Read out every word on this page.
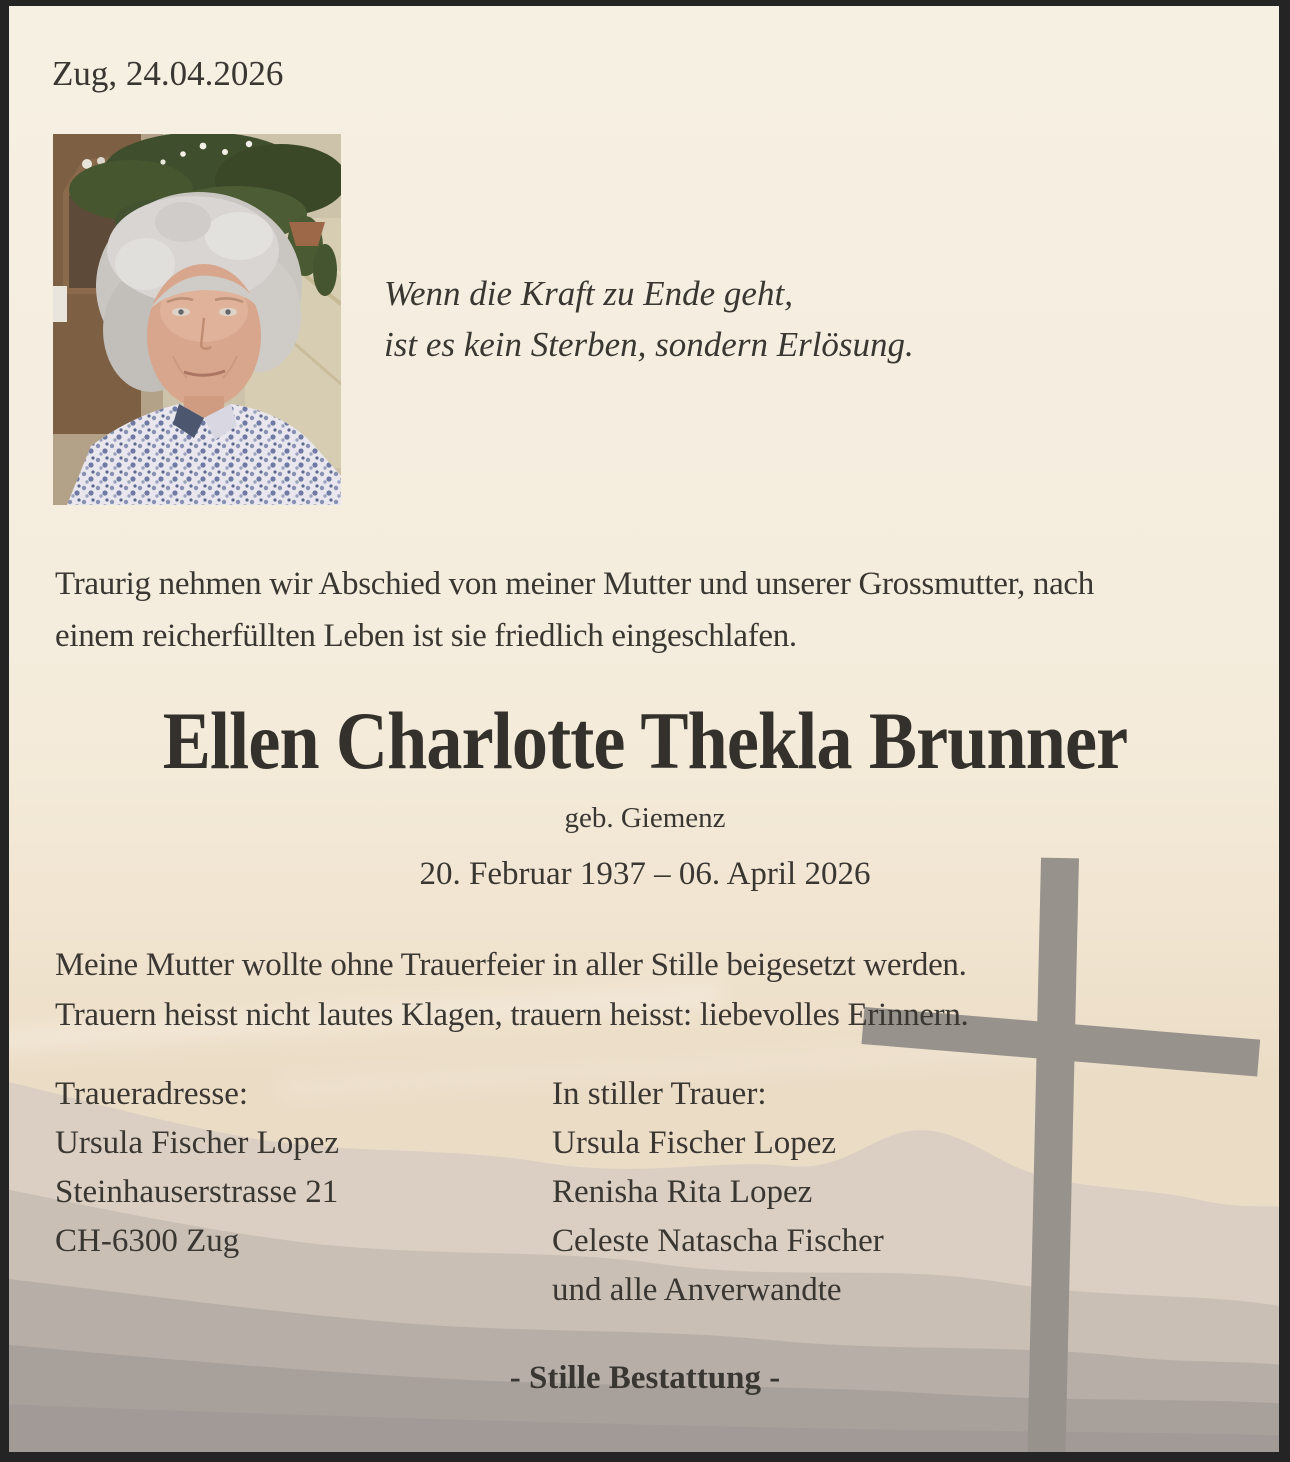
Zug, 24.04.2026
Wenn die Kraft zu Ende geht,
ist es kein Sterben, sondern Erlösung.
Traurig nehmen wir Abschied von meiner Mutter und unserer Grossmutter, nach
einem reicherfüllten Leben ist sie friedlich eingeschlafen.
Ellen Charlotte Thekla Brunner
geb. Giemenz
20. Februar 1937 – 06. April 2026
Meine Mutter wollte ohne Trauerfeier in aller Stille beigesetzt werden.
Trauern heisst nicht lautes Klagen, trauern heisst: liebevolles Erinnern.
Traueradresse:
Ursula Fischer Lopez
Steinhauserstrasse 21
CH-6300 Zug
In stiller Trauer:
Ursula Fischer Lopez
Renisha Rita Lopez
Celeste Natascha Fischer
und alle Anverwandte
- Stille Bestattung -
